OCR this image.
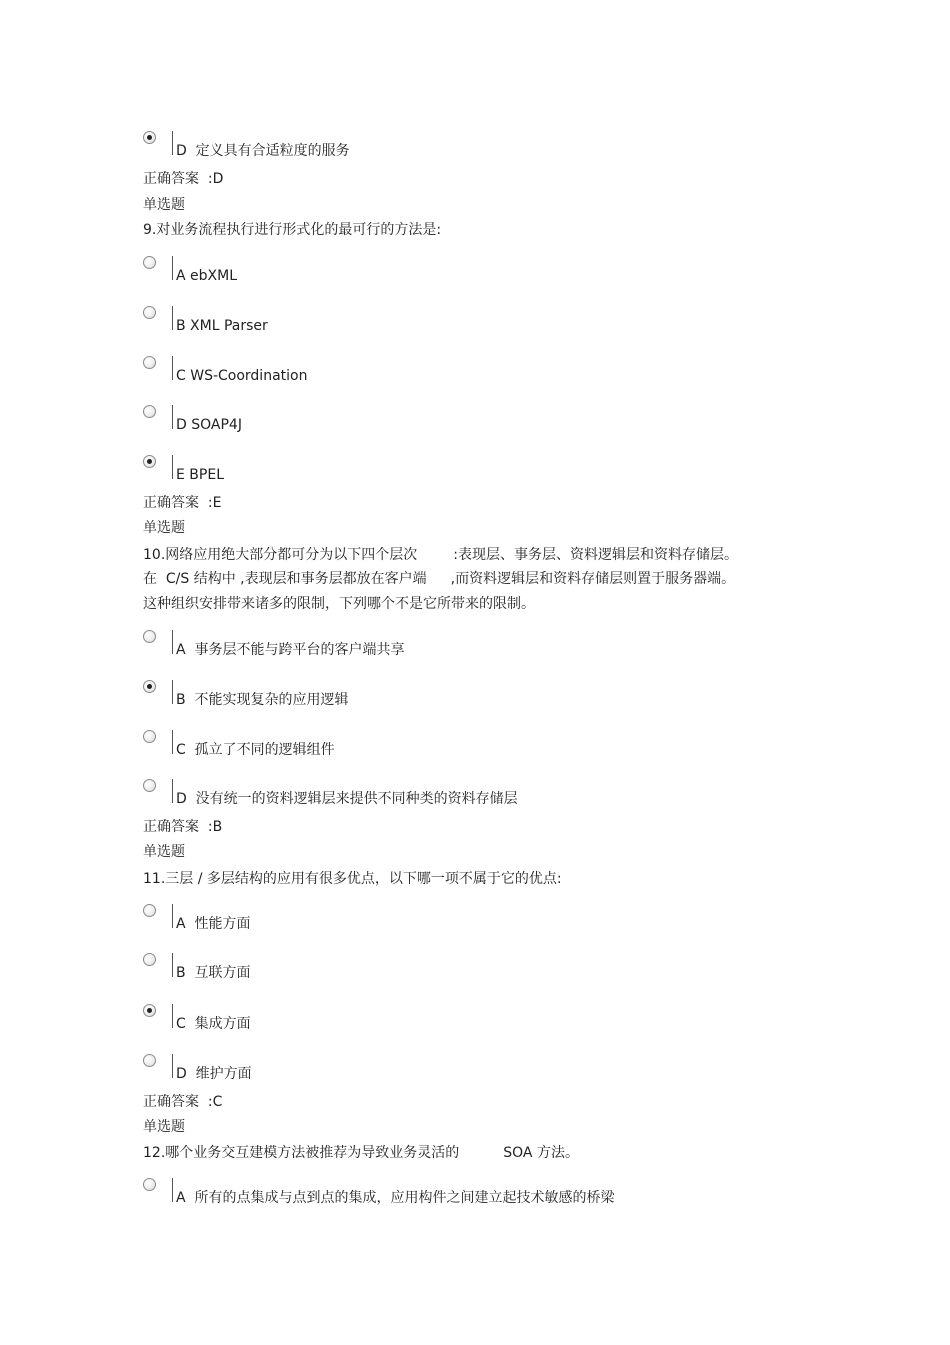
D  定义具有合适粒度的服务
正确答案  :D
单选题
9.对业务流程执行进行形式化的最可行的方法是:
A ebXML
B XML Parser
C WS-Coordination
D SOAP4J
E BPEL
正确答案  :E
单选题
10.网络应用绝大部分都可分为以下四个层次	:表现层、事务层、资料逻辑层和资料存储层。
在  C/S 结构中 ,表现层和事务层都放在客户端 ,而资料逻辑层和资料存储层则置于服务器端。
这种组织安排带来诸多的限制，下列哪个不是它所带来的限制。
A  事务层不能与跨平台的客户端共享
B  不能实现复杂的应用逻辑
C  孤立了不同的逻辑组件
D  没有统一的资料逻辑层来提供不同种类的资料存储层
正确答案  :B
单选题
11.三层 / 多层结构的应用有很多优点，以下哪一项不属于它的优点:
A  性能方面
B  互联方面
C  集成方面
D  维护方面
正确答案  :C
单选题
12.哪个业务交互建模方法被推荐为导致业务灵活的	SOA 方法。
A  所有的点集成与点到点的集成，应用构件之间建立起技术敏感的桥梁
